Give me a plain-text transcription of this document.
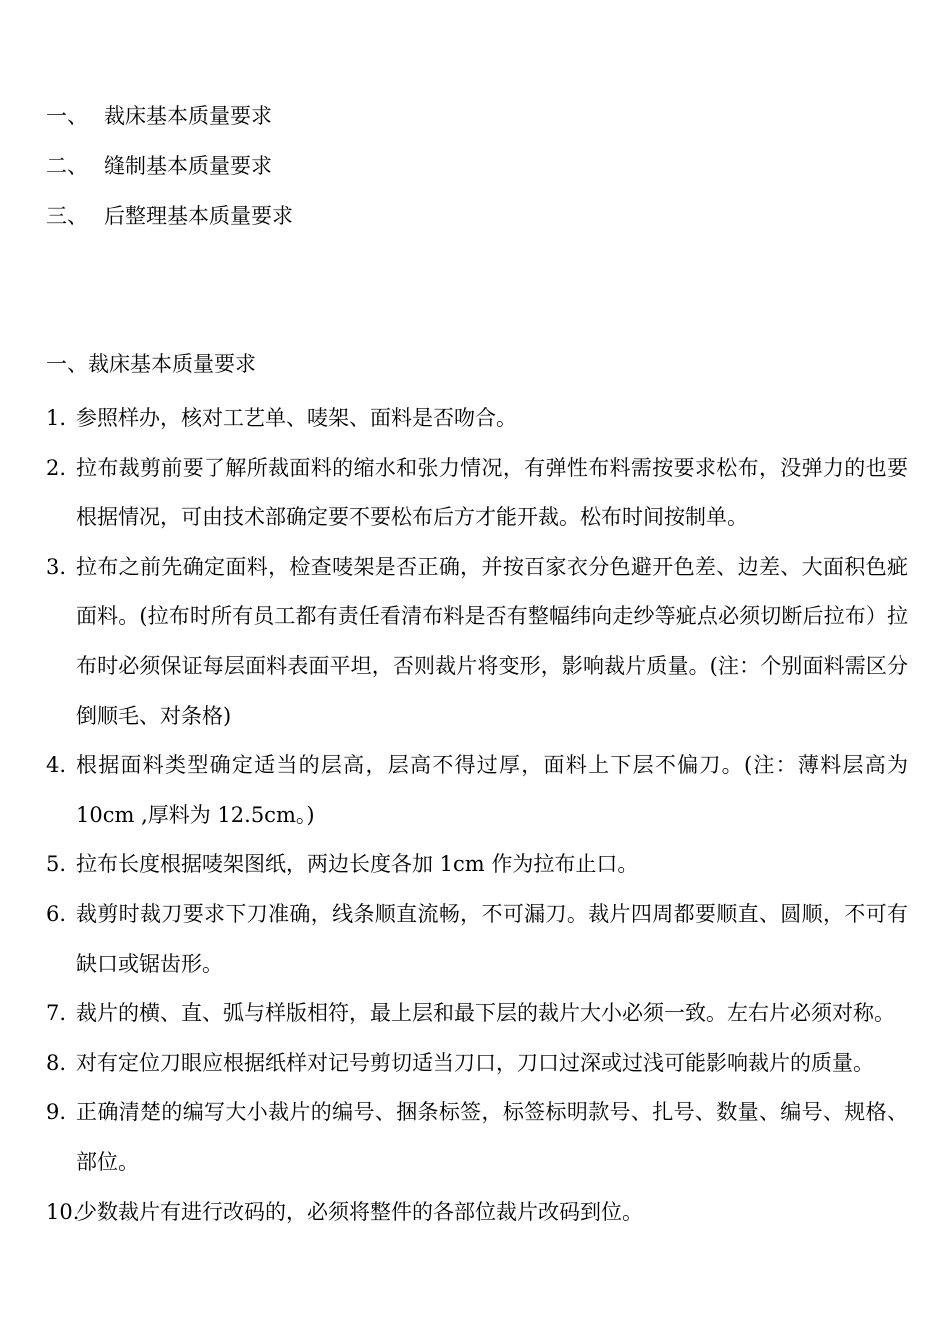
一、 裁床基本质量要求
二、 缝制基本质量要求
三、 后整理基本质量要求
一、裁床基本质量要求
1. 参照样办，核对工艺单、唛架、面料是否吻合。
2. 拉布裁剪前要了解所裁面料的缩水和张力情况，有弹性布料需按要求松布，没弹力的也要根据情况，可由技术部确定要不要松布后方才能开裁。松布时间按制单。
3. 拉布之前先确定面料，检查唛架是否正确，并按百家衣分色避开色差、边差、大面积色疵面料。(拉布时所有员工都有责任看清布料是否有整幅纬向走纱等疵点必须切断后拉布）拉布时必须保证每层面料表面平坦，否则裁片将变形，影响裁片质量。(注：个别面料需区分倒顺毛、对条格)
4. 根据面料类型确定适当的层高，层高不得过厚，面料上下层不偏刀。(注：薄料层高为10cm ,厚料为 12.5cm。)
5. 拉布长度根据唛架图纸，两边长度各加 1cm 作为拉布止口。
6. 裁剪时裁刀要求下刀准确，线条顺直流畅，不可漏刀。裁片四周都要顺直、圆顺，不可有缺口或锯齿形。
7. 裁片的横、直、弧与样版相符，最上层和最下层的裁片大小必须一致。左右片必须对称。
8. 对有定位刀眼应根据纸样对记号剪切适当刀口，刀口过深或过浅可能影响裁片的质量。
9. 正确清楚的编写大小裁片的编号、捆条标签，标签标明款号、扎号、数量、编号、规格、部位。
10.
少数裁片有进行改码的，必须将整件的各部位裁片改码到位。
